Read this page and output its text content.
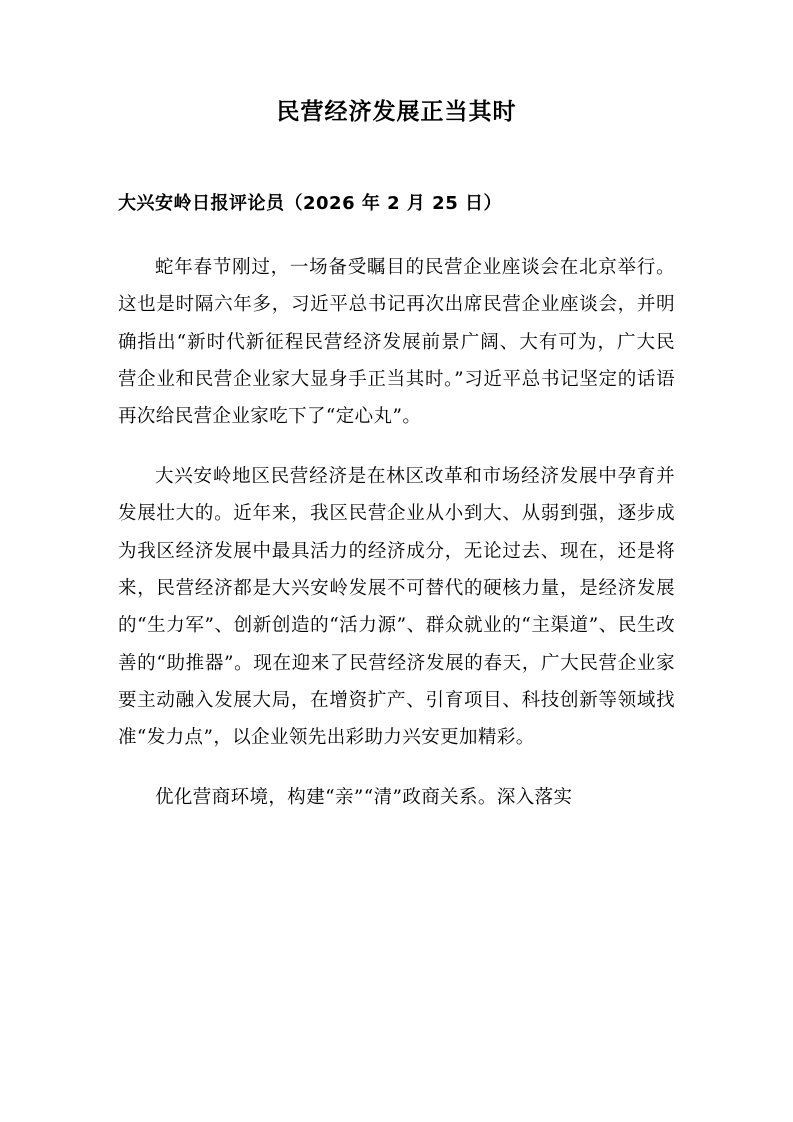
民营经济发展正当其时
大兴安岭日报评论员（2026 年 2 月 25 日）

蛇年春节刚过，一场备受瞩目的民营企业座谈会在北京举行。这也是时隔六年多，习近平总书记再次出席民营企业座谈会，并明确指出“新时代新征程民营经济发展前景广阔、大有可为，广大民营企业和民营企业家大显身手正当其时。”习近平总书记坚定的话语再次给民营企业家吃下了“定心丸”。

大兴安岭地区民营经济是在林区改革和市场经济发展中孕育并发展壮大的。近年来，我区民营企业从小到大、从弱到强，逐步成为我区经济发展中最具活力的经济成分，无论过去、现在，还是将来，民营经济都是大兴安岭发展不可替代的硬核力量，是经济发展的“生力军”、创新创造的“活力源”、群众就业的“主渠道”、民生改善的“助推器”。现在迎来了民营经济发展的春天，广大民营企业家要主动融入发展大局，在增资扩产、引育项目、科技创新等领域找准“发力点”，以企业领先出彩助力兴安更加精彩。

优化营商环境，构建“亲”“清”政商关系。深入落实
